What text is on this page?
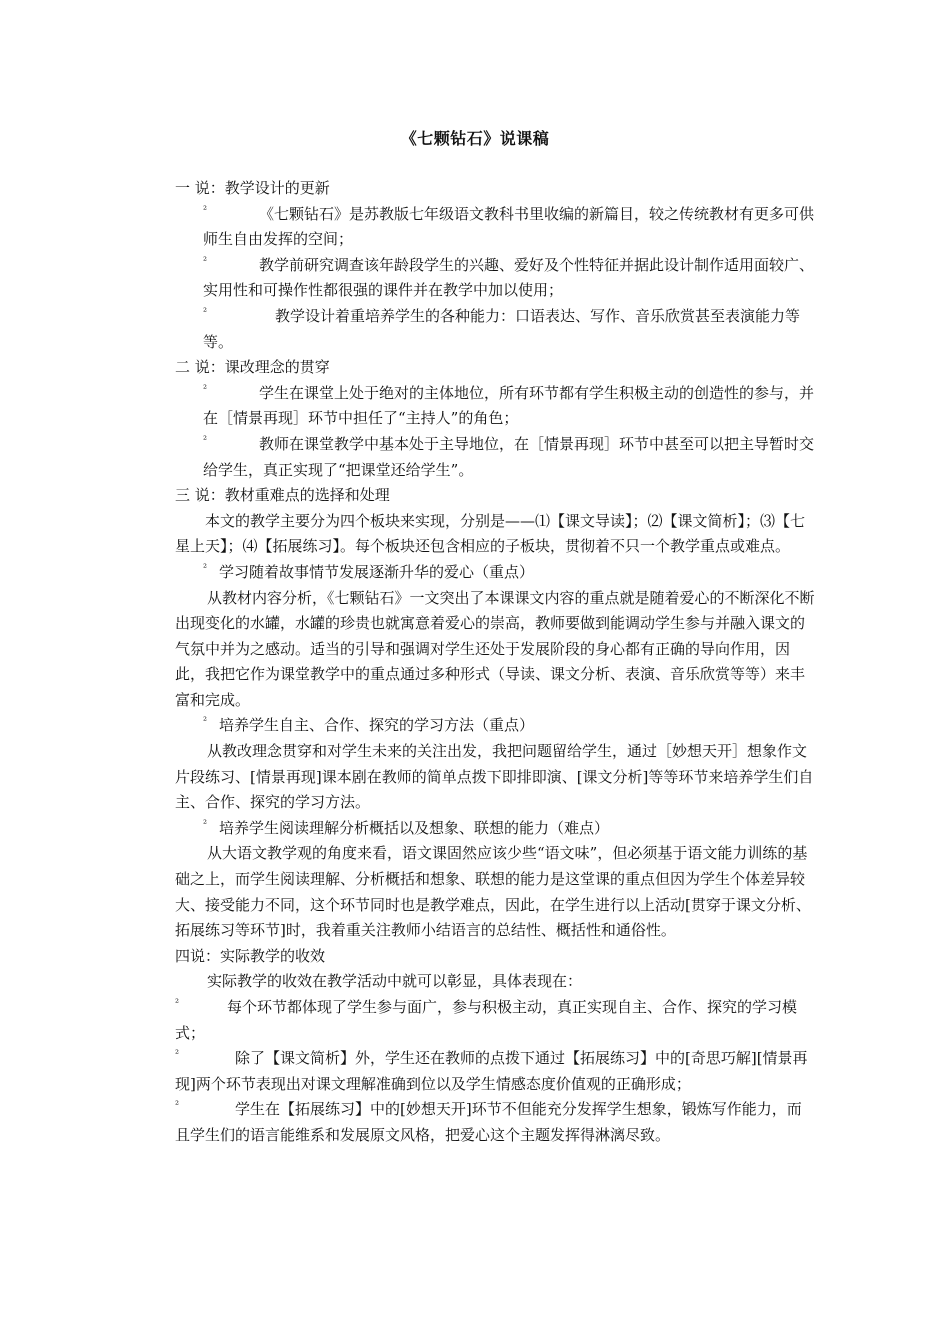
《七颗钻石》说课稿

一 说：教学设计的更新

²	《七颗钻石》是苏教版七年级语文教科书里收编的新篇目，较之传统教材有更多可供师生自由发挥的空间；

²	教学前研究调查该年龄段学生的兴趣、爱好及个性特征并据此设计制作适用面较广、实用性和可操作性都很强的课件并在教学中加以使用；

²	教学设计着重培养学生的各种能力：口语表达、写作、音乐欣赏甚至表演能力等等。

二 说：课改理念的贯穿

²	学生在课堂上处于绝对的主体地位，所有环节都有学生积极主动的创造性的参与，并在［情景再现］环节中担任了“主持人”的角色；

²	教师在课堂教学中基本处于主导地位，在［情景再现］环节中甚至可以把主导暂时交给学生，真正实现了“把课堂还给学生”。

三 说：教材重难点的选择和处理

本文的教学主要分为四个板块来实现，分别是——⑴【课文导读】；⑵【课文简析】；⑶【七星上天】；⑷【拓展练习】。每个板块还包含相应的子板块，贯彻着不只一个教学重点或难点。

² 学习随着故事情节发展逐渐升华的爱心（重点）

从教材内容分析，《七颗钻石》一文突出了本课课文内容的重点就是随着爱心的不断深化不断出现变化的水罐，水罐的珍贵也就寓意着爱心的崇高，教师要做到能调动学生参与并融入课文的气氛中并为之感动。适当的引导和强调对学生还处于发展阶段的身心都有正确的导向作用，因此，我把它作为课堂教学中的重点通过多种形式（导读、课文分析、表演、音乐欣赏等等）来丰富和完成。

² 培养学生自主、合作、探究的学习方法（重点）

从教改理念贯穿和对学生未来的关注出发，我把问题留给学生，通过［妙想天开］想象作文片段练习、[情景再现]课本剧在教师的简单点拨下即排即演、[课文分析]等等环节来培养学生们自主、合作、探究的学习方法。

² 培养学生阅读理解分析概括以及想象、联想的能力（难点）

从大语文教学观的角度来看，语文课固然应该少些“语文味”，但必须基于语文能力训练的基础之上，而学生阅读理解、分析概括和想象、联想的能力是这堂课的重点但因为学生个体差异较大、接受能力不同，这个环节同时也是教学难点，因此，在学生进行以上活动[贯穿于课文分析、拓展练习等环节]时，我着重关注教师小结语言的总结性、概括性和通俗性。

四说：实际教学的收效

实际教学的收效在教学活动中就可以彰显，具体表现在：

²	每个环节都体现了学生参与面广，参与积极主动，真正实现自主、合作、探究的学习模式；

²	除了【课文简析】外，学生还在教师的点拨下通过【拓展练习】中的[奇思巧解][情景再现]两个环节表现出对课文理解准确到位以及学生情感态度价值观的正确形成；

²	学生在【拓展练习】中的[妙想天开]环节不但能充分发挥学生想象，锻炼写作能力，而且学生们的语言能维系和发展原文风格，把爱心这个主题发挥得淋漓尽致。
